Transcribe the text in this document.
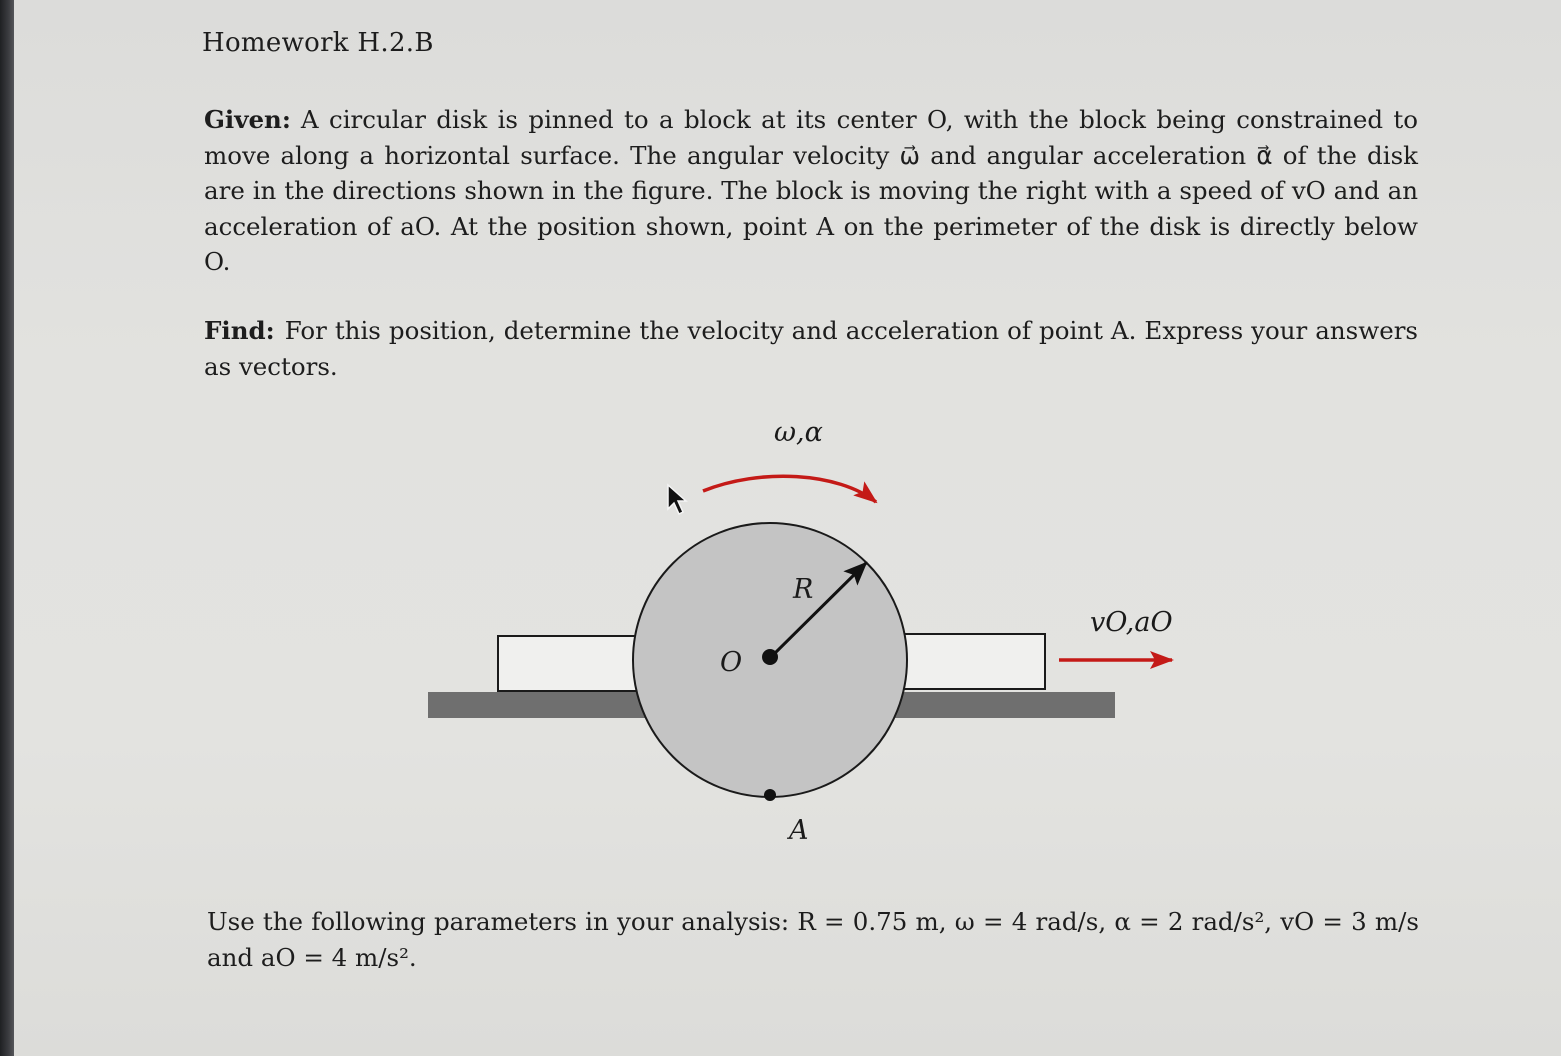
Homework H.2.B
Given: A circular disk is pinned to a block at its center O, with the block being constrained to move along a horizontal surface. The angular velocity ω⃗ and angular acceleration α⃗ of the disk are in the directions shown in the figure. The block is moving the right with a speed of vO and an acceleration of aO. At the position shown, point A on the perimeter of the disk is directly below O.
Find: For this position, determine the velocity and acceleration of point A. Express your answers as vectors.
Use the following parameters in your analysis: R = 0.75 m, ω = 4 rad/s, α = 2 rad/s², vO = 3 m/s and aO = 4 m/s².
ω,α
R
O
A
vO,aO
